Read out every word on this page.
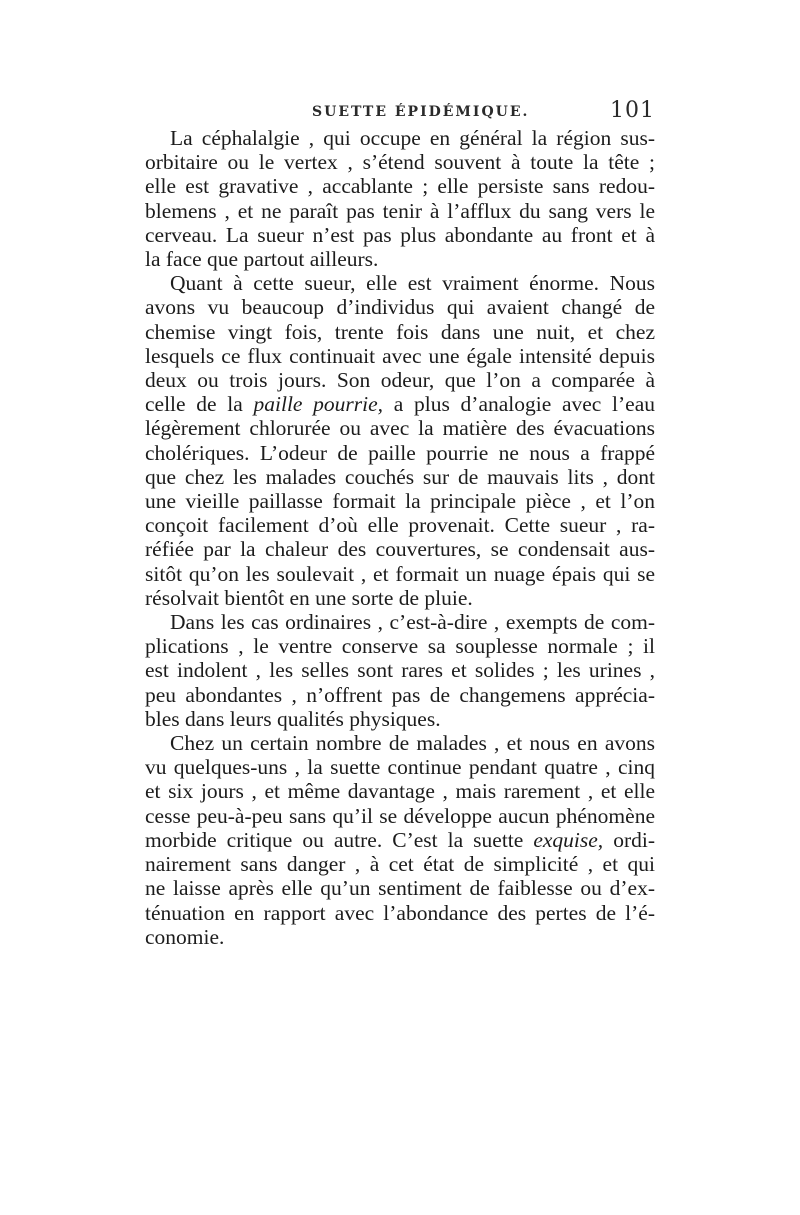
SUETTE ÉPIDÉMIQUE.	101
La céphalalgie , qui occupe en général la région sus-
orbitaire ou le vertex , s’étend souvent à toute la tête ;
elle est gravative , accablante ; elle persiste sans redou-
blemens , et ne paraît pas tenir à l’afflux du sang vers le
cerveau. La sueur n’est pas plus abondante au front et à
la face que partout ailleurs.
Quant à cette sueur, elle est vraiment énorme. Nous
avons vu beaucoup d’individus qui avaient changé de
chemise vingt fois, trente fois dans une nuit, et chez
lesquels ce flux continuait avec une égale intensité depuis
deux ou trois jours. Son odeur, que l’on a comparée à
celle de la paille pourrie, a plus d’analogie avec l’eau
légèrement chlorurée ou avec la matière des évacuations
cholériques. L’odeur de paille pourrie ne nous a frappé
que chez les malades couchés sur de mauvais lits , dont
une vieille paillasse formait la principale pièce , et l’on
conçoit facilement d’où elle provenait. Cette sueur , ra-
réfiée par la chaleur des couvertures, se condensait aus-
sitôt qu’on les soulevait , et formait un nuage épais qui se
résolvait bientôt en une sorte de pluie.
Dans les cas ordinaires , c’est-à-dire , exempts de com-
plications , le ventre conserve sa souplesse normale ; il
est indolent , les selles sont rares et solides ; les urines ,
peu abondantes , n’offrent pas de changemens apprécia-
bles dans leurs qualités physiques.
Chez un certain nombre de malades , et nous en avons
vu quelques-uns , la suette continue pendant quatre , cinq
et six jours , et même davantage , mais rarement , et elle
cesse peu-à-peu sans qu’il se développe aucun phénomène
morbide critique ou autre. C’est la suette exquise, ordi-
nairement sans danger , à cet état de simplicité , et qui
ne laisse après elle qu’un sentiment de faiblesse ou d’ex-
ténuation en rapport avec l’abondance des pertes de l’é-
conomie.
